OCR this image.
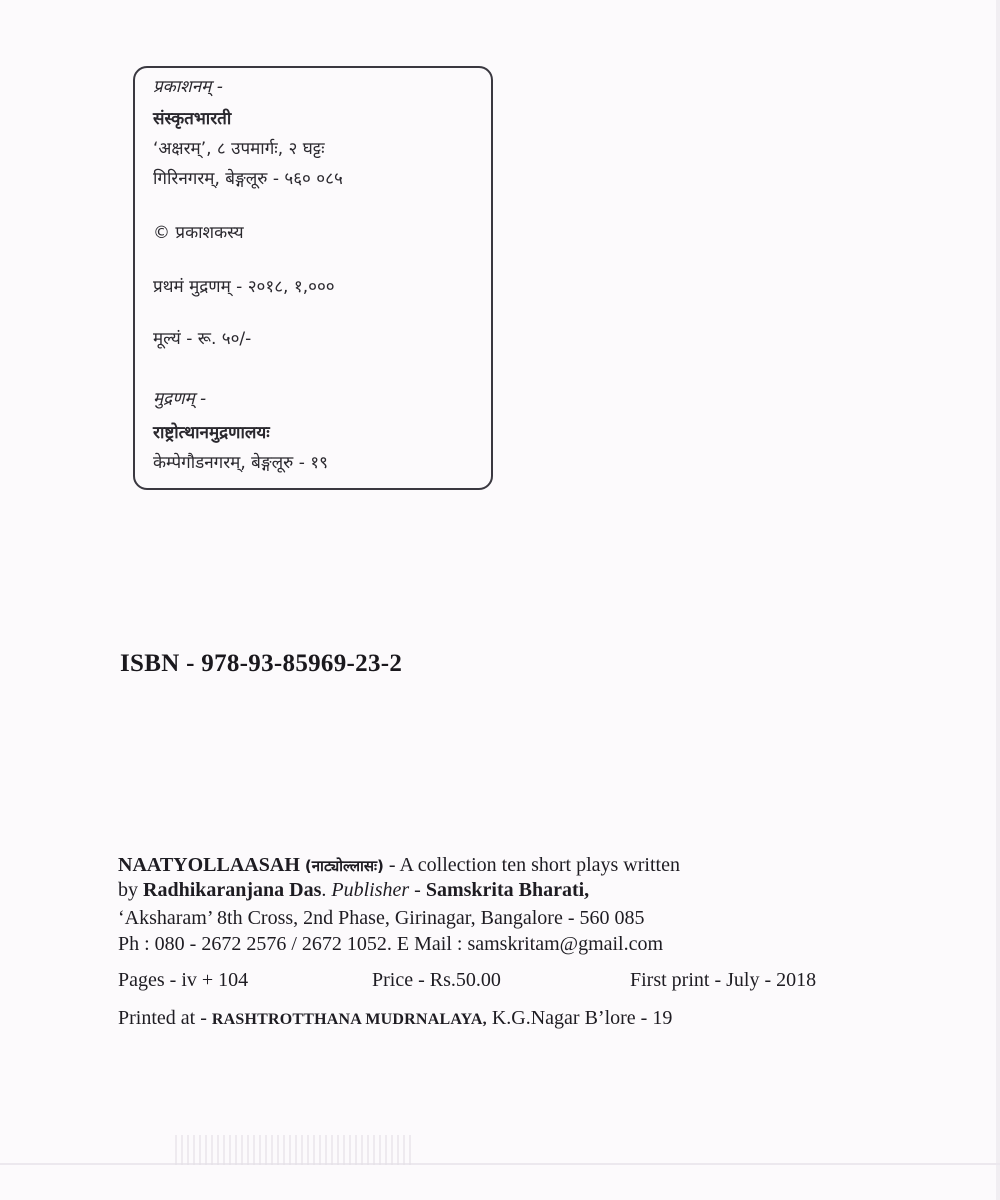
प्रकाशनम् -
संस्कृतभारती
‘अक्षरम्’, ८ उपमार्गः, २ घट्टः
गिरिनगरम्, बेङ्गलूरु - ५६० ०८५
© प्रकाशकस्य
प्रथमं मुद्रणम् - २०१८, १,०००
मूल्यं - रू. ५०/-
मुद्रणम् -
राष्ट्रोत्थानमुद्रणालयः
केम्पेगौडनगरम्, बेङ्गलूरु - १९
ISBN - 978-93-85969-23-2
NAATYOLLAASAH (नाट्योल्लासः) - A collection ten short plays written
by Radhikaranjana Das. Publisher - Samskrita Bharati,
‘Aksharam’ 8th Cross, 2nd Phase, Girinagar, Bangalore - 560 085
Ph : 080 - 2672 2576 / 2672 1052. E Mail : samskritam@gmail.com
Pages - iv + 104	Price - Rs.50.00	First print - July - 2018
Printed at - RASHTROTTHANA MUDRNALAYA, K.G.Nagar B’lore - 19
